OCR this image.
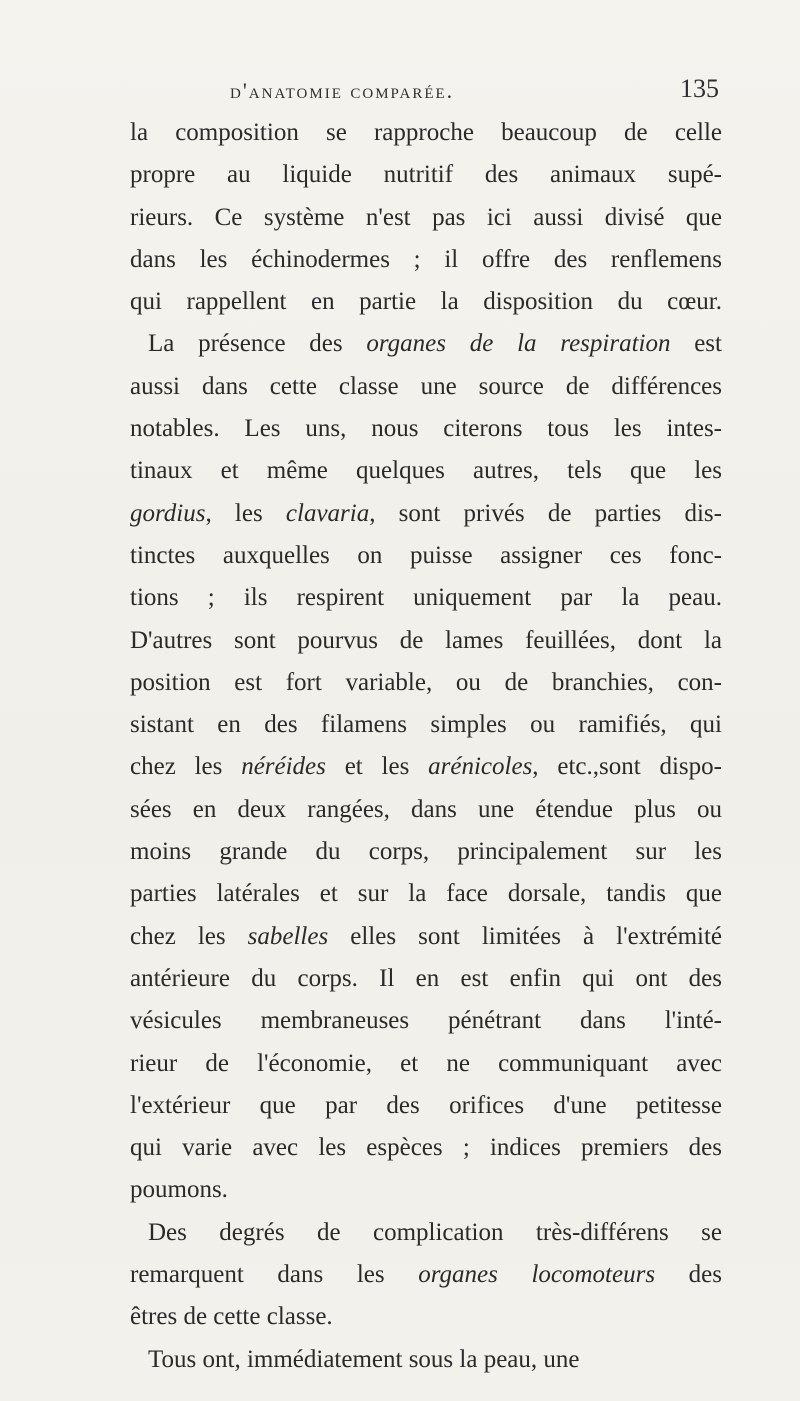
d'anatomie comparée.	135
la composition se rapproche beaucoup de celle
propre au liquide nutritif des animaux supé-
rieurs. Ce système n'est pas ici aussi divisé que
dans les échinodermes ; il offre des renflemens
qui rappellent en partie la disposition du cœur.
La présence des organes de la respiration est
aussi dans cette classe une source de différences
notables. Les uns, nous citerons tous les intes-
tinaux et même quelques autres, tels que les
gordius, les clavaria, sont privés de parties dis-
tinctes auxquelles on puisse assigner ces fonc-
tions ; ils respirent uniquement par la peau.
D'autres sont pourvus de lames feuillées, dont la
position est fort variable, ou de branchies, con-
sistant en des filamens simples ou ramifiés, qui
chez les néréides et les arénicoles, etc.,sont dispo-
sées en deux rangées, dans une étendue plus ou
moins grande du corps, principalement sur les
parties latérales et sur la face dorsale, tandis que
chez les sabelles elles sont limitées à l'extrémité
antérieure du corps. Il en est enfin qui ont des
vésicules membraneuses pénétrant dans l'inté-
rieur de l'économie, et ne communiquant avec
l'extérieur que par des orifices d'une petitesse
qui varie avec les espèces ; indices premiers des
poumons.
Des degrés de complication très-différens se
remarquent dans les organes locomoteurs des
êtres de cette classe.
Tous ont, immédiatement sous la peau, une
